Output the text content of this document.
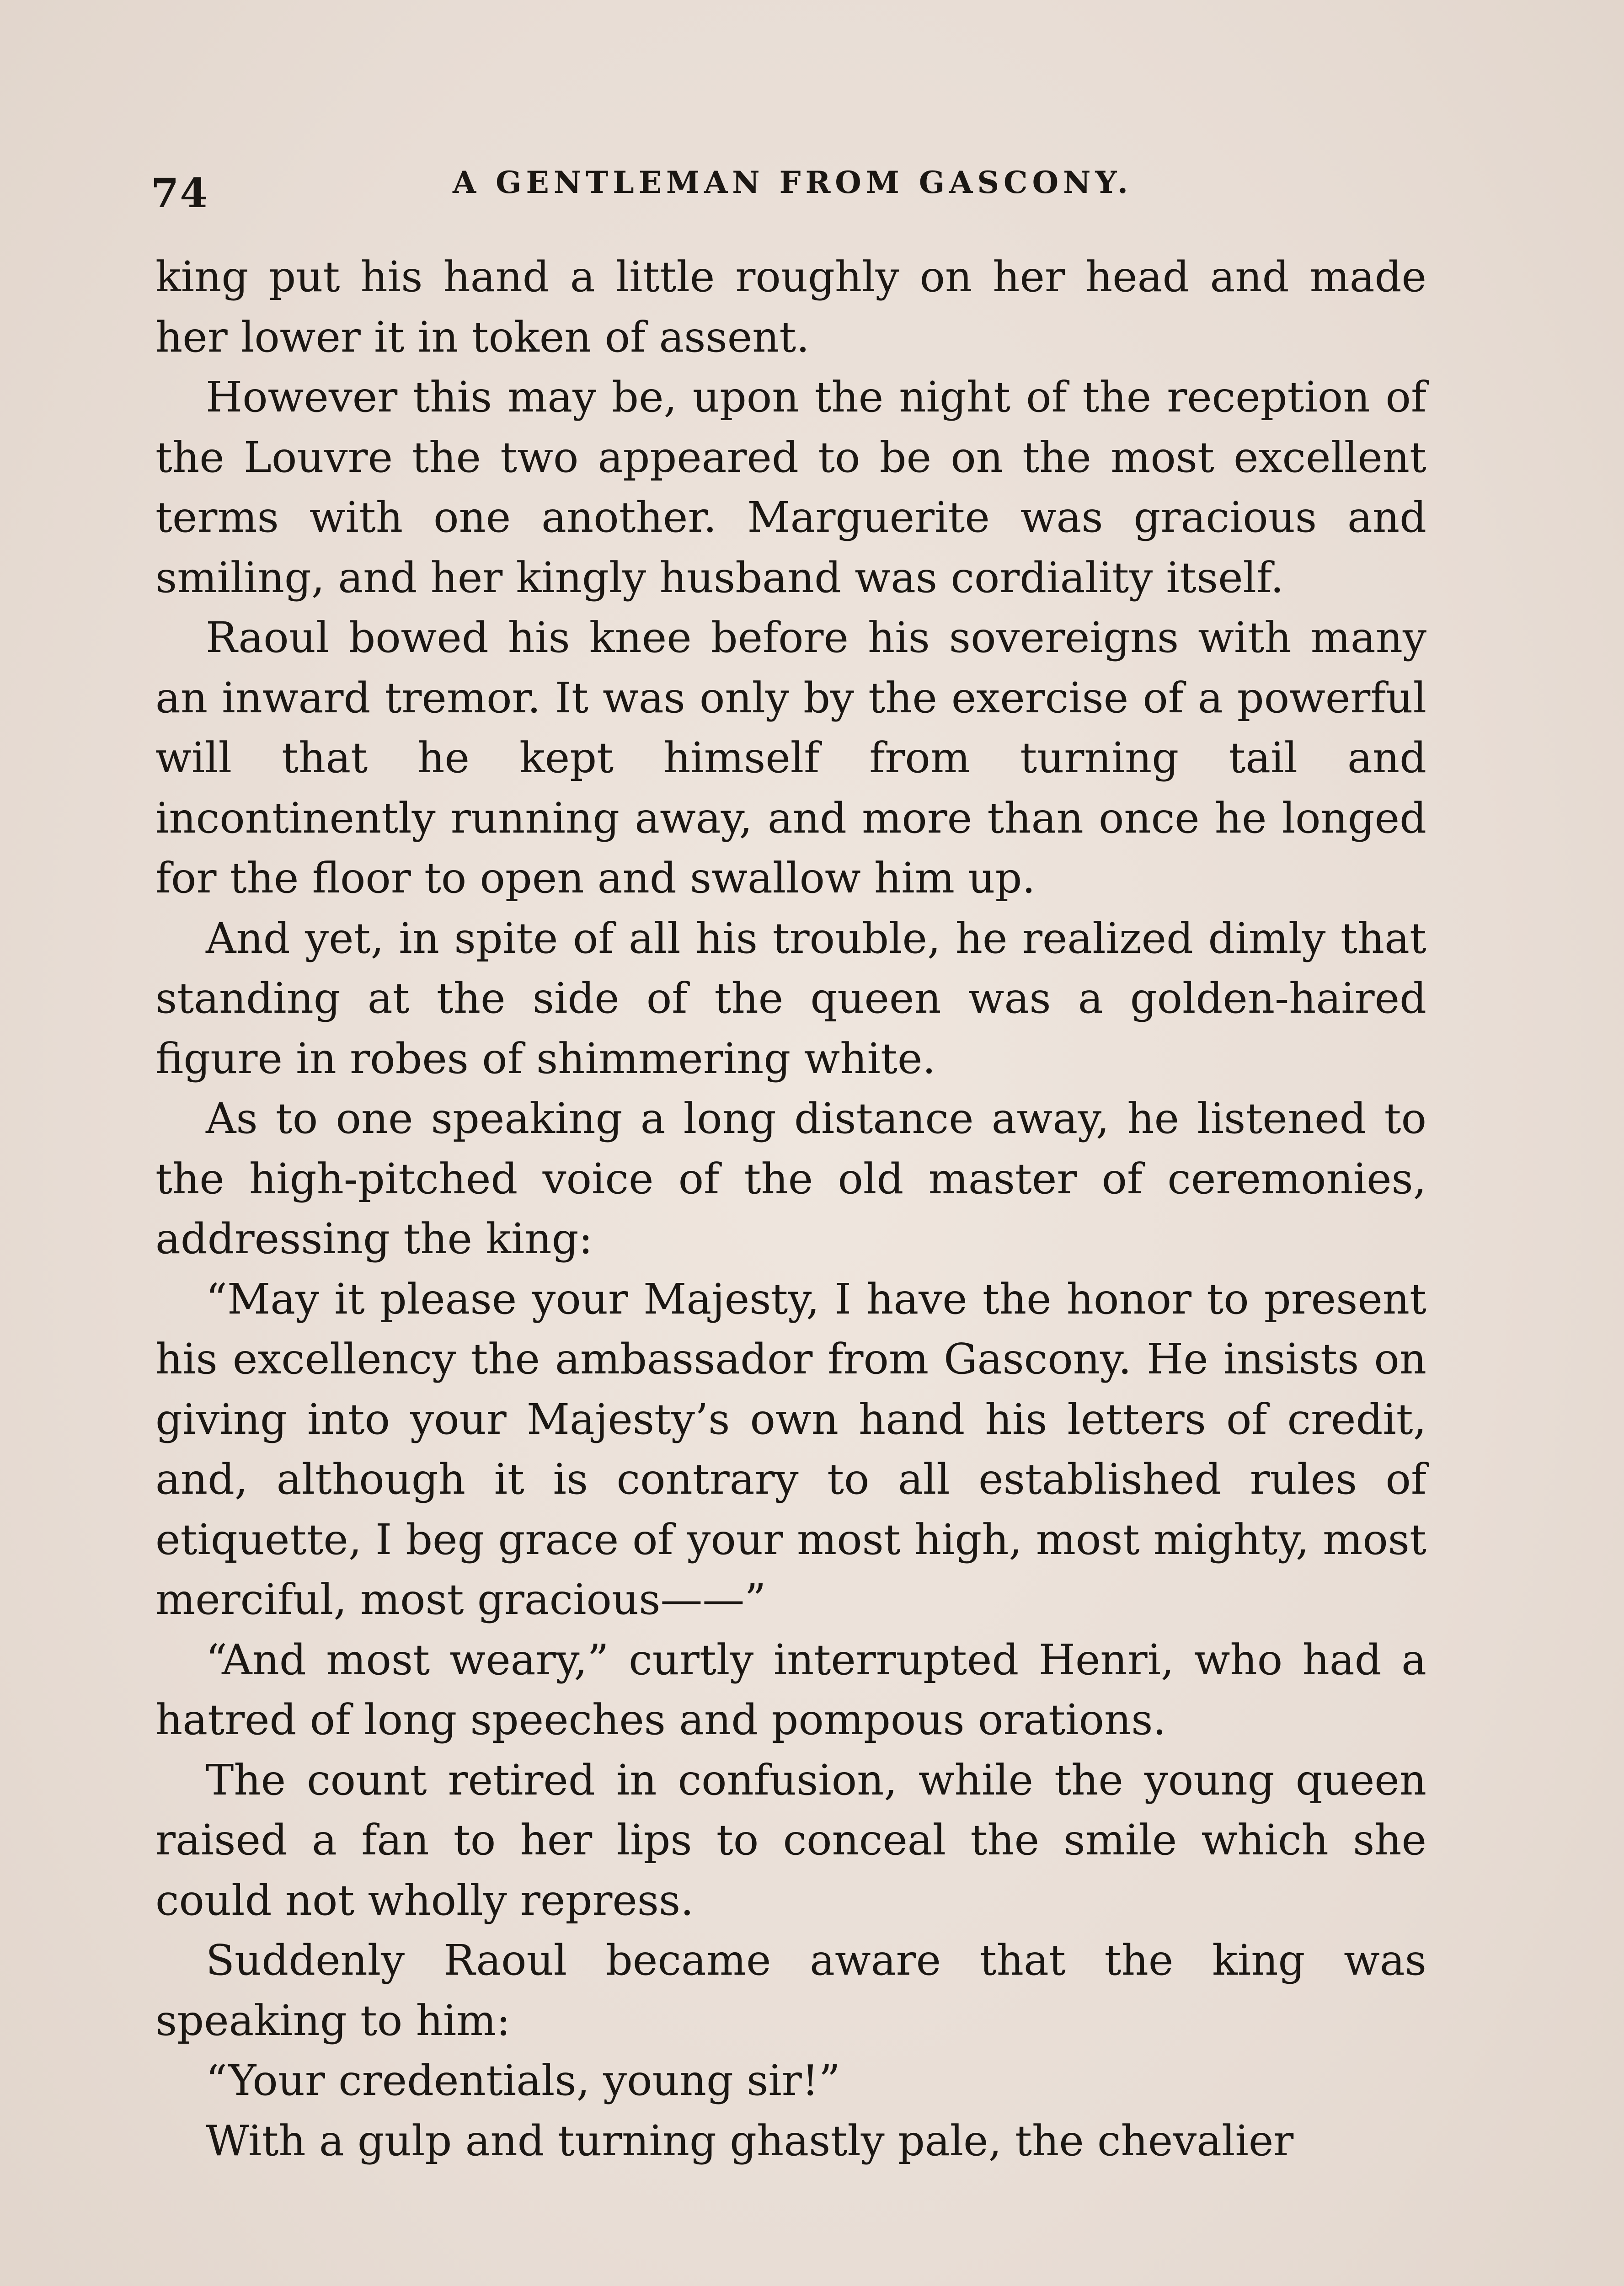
74	A GENTLEMAN FROM GASCONY.

king put his hand a little roughly on her head and made her lower it in token of assent.

However this may be, upon the night of the reception of the Louvre the two appeared to be on the most excellent terms with one another. Marguerite was gracious and smiling, and her kingly husband was cordiality itself.

Raoul bowed his knee before his sovereigns with many an inward tremor. It was only by the exercise of a powerful will that he kept himself from turning tail and incontinently running away, and more than once he longed for the floor to open and swallow him up.

And yet, in spite of all his trouble, he realized dimly that standing at the side of the queen was a golden-haired figure in robes of shimmering white.

As to one speaking a long distance away, he listened to the high-pitched voice of the old master of ceremonies, addressing the king:

“May it please your Majesty, I have the honor to present his excellency the ambassador from Gascony. He insists on giving into your Majesty’s own hand his letters of credit, and, although it is contrary to all established rules of etiquette, I beg grace of your most high, most mighty, most merciful, most gracious——”

“And most weary,” curtly interrupted Henri, who had a hatred of long speeches and pompous orations.

The count retired in confusion, while the young queen raised a fan to her lips to conceal the smile which she could not wholly repress.

Suddenly Raoul became aware that the king was speaking to him:

“Your credentials, young sir!”

With a gulp and turning ghastly pale, the chevalier
